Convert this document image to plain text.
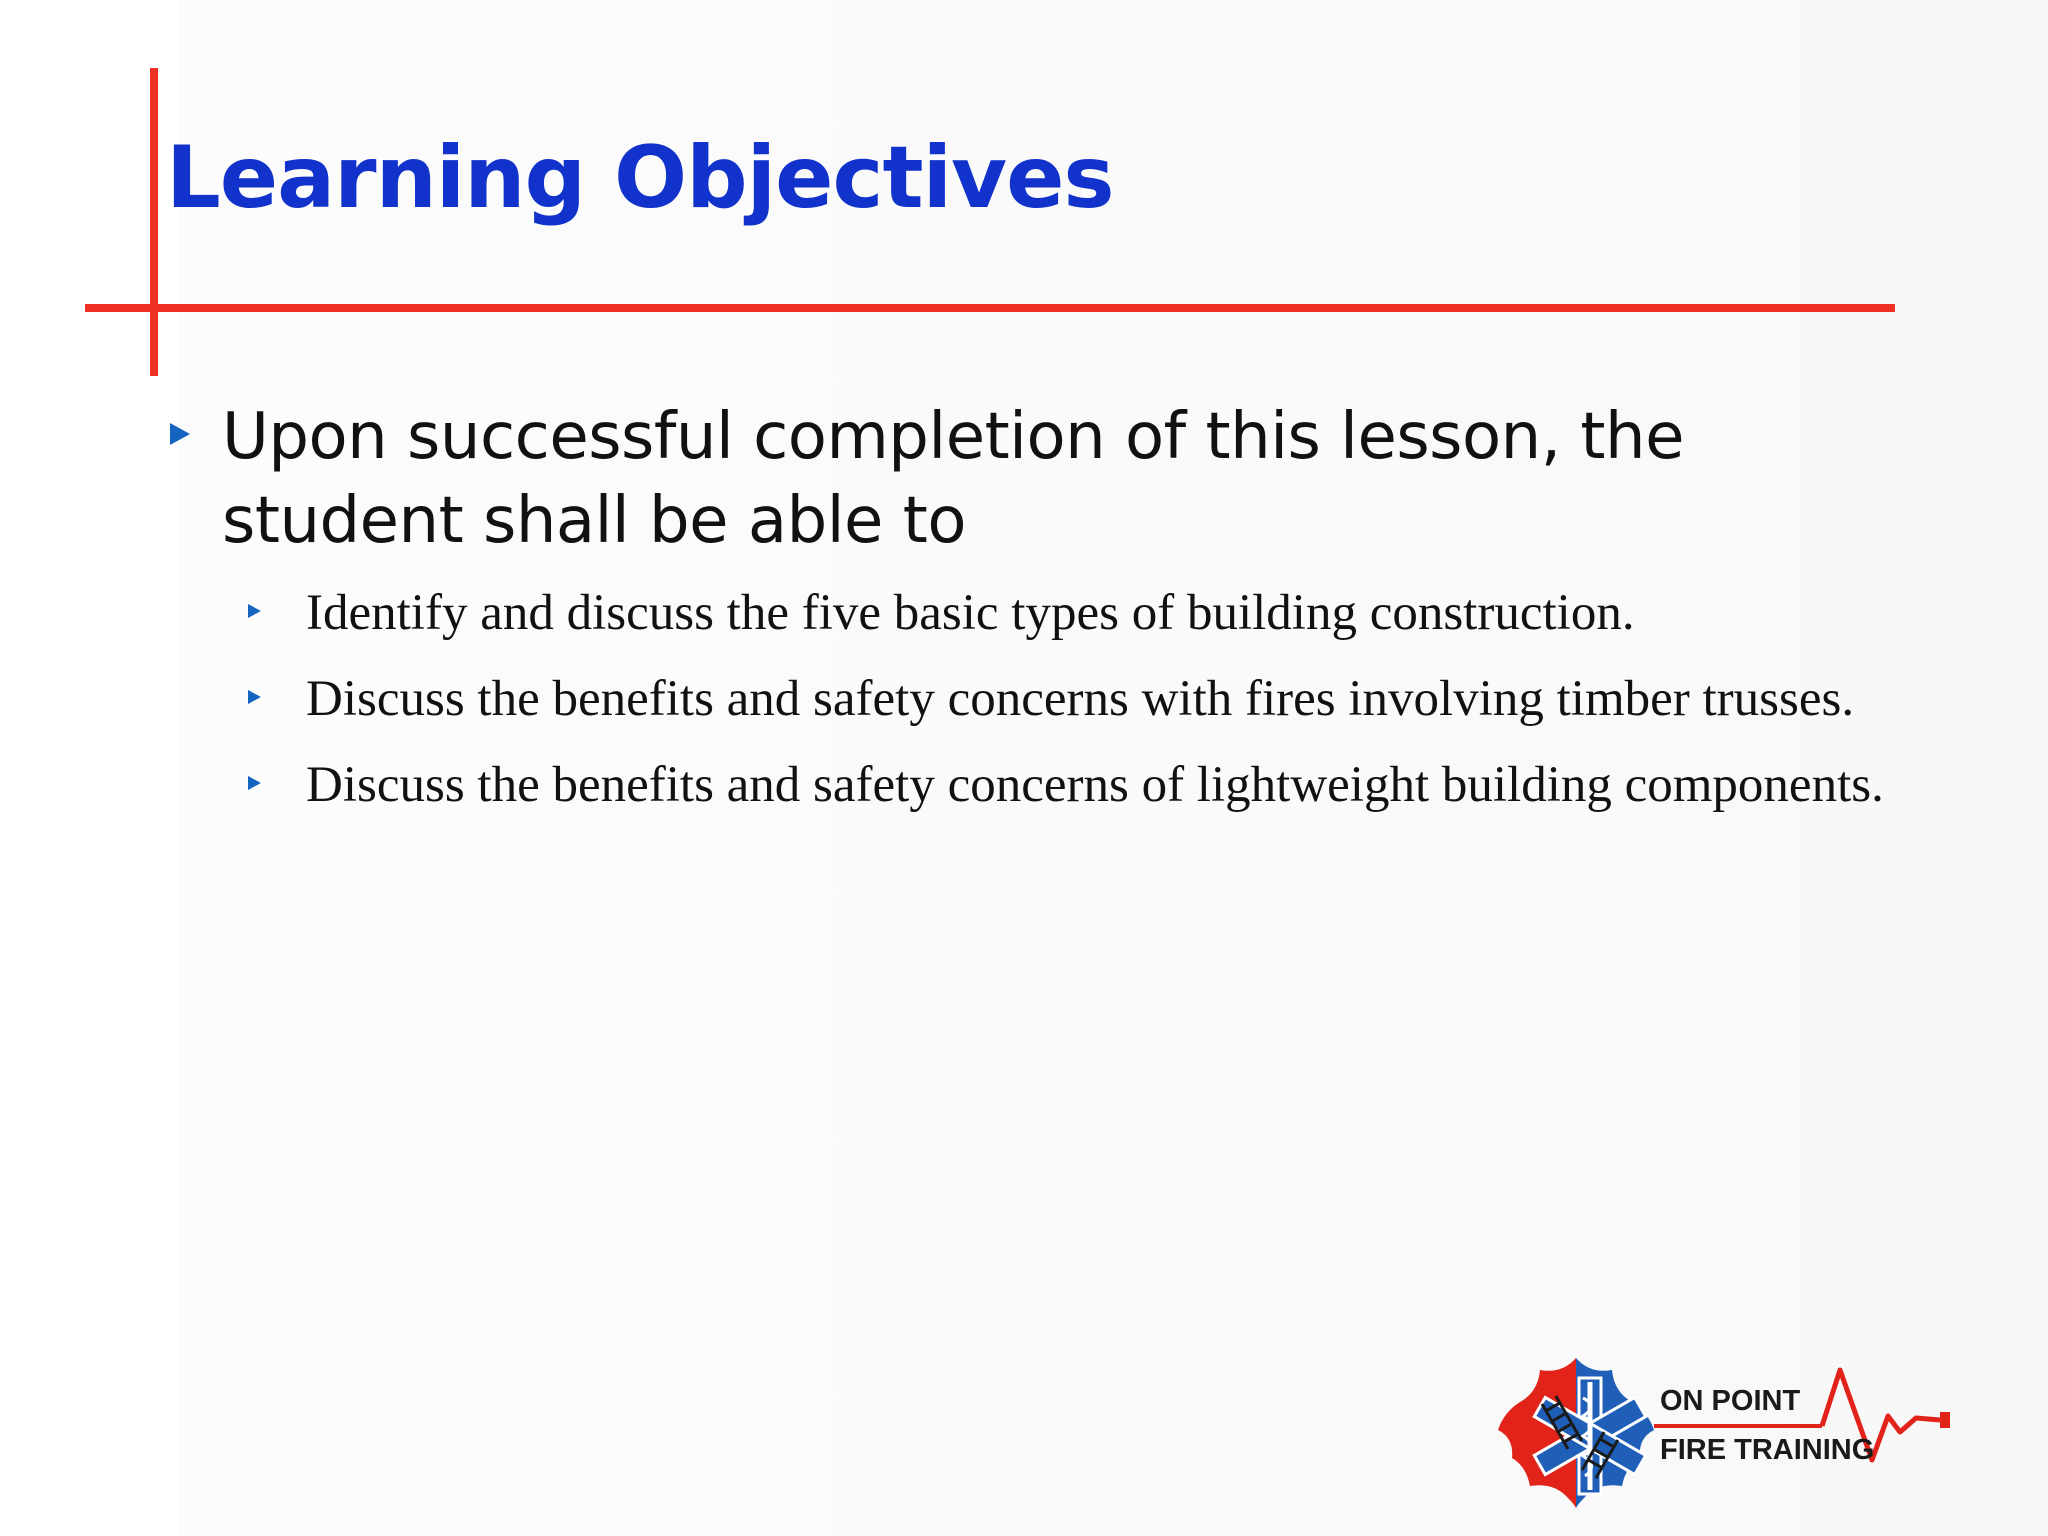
Learning Objectives
Upon successful completion of this lesson, the student shall be able to
Identify and discuss the five basic types of building construction.
Discuss the benefits and safety concerns with fires involving timber trusses.
Discuss the benefits and safety concerns of lightweight building components.
ON POINT
FIRE TRAINING
